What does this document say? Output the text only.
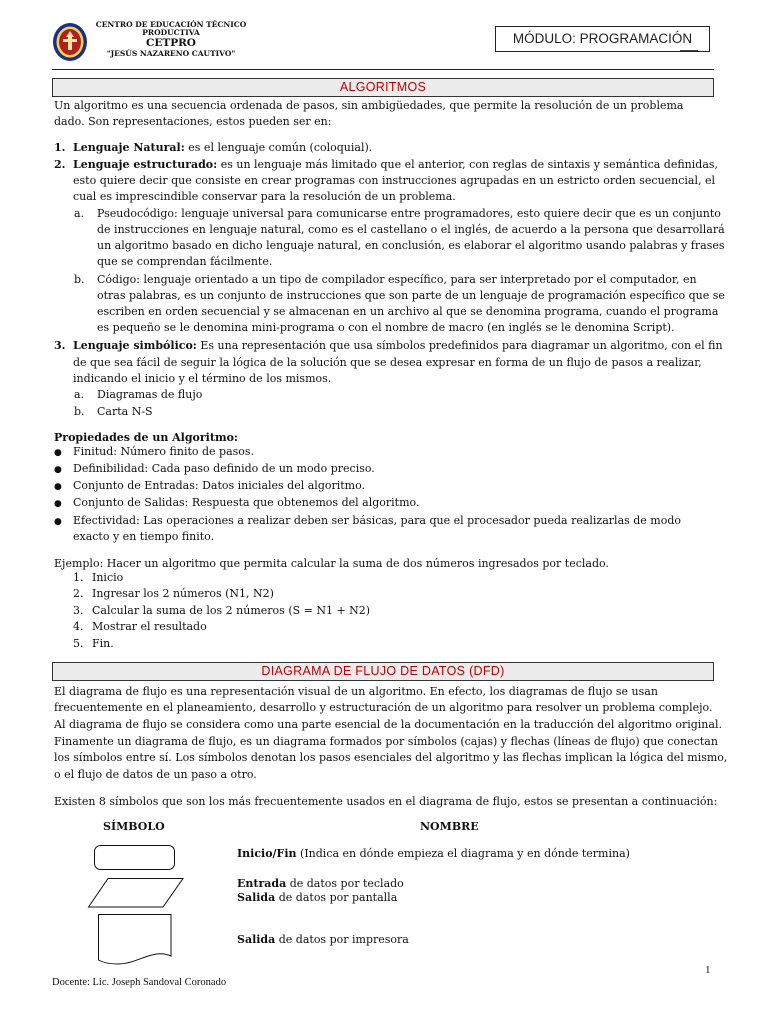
CENTRO DE EDUCACIÓN TÉCNICO
PRODUCTIVA
CETPRO
"JESÚS NAZARENO CAUTIVO"
MÓDULO: PROGRAMACIÓN
ALGORITMOS
Un algoritmo es una secuencia ordenada de pasos, sin ambigüedades, que permite la resolución de un problema
dado. Son representaciones, estos pueden ser en:
1. Lenguaje Natural: es el lenguaje común (coloquial).
2. Lenguaje estructurado: es un lenguaje más limitado que el anterior, con reglas de sintaxis y semántica definidas,
esto quiere decir que consiste en crear programas con instrucciones agrupadas en un estricto orden secuencial, el
cual es imprescindible conservar para la resolución de un problema.
a. Pseudocódigo: lenguaje universal para comunicarse entre programadores, esto quiere decir que es un conjunto
de instrucciones en lenguaje natural, como es el castellano o el inglés, de acuerdo a la persona que desarrollará
un algoritmo basado en dicho lenguaje natural, en conclusión, es elaborar el algoritmo usando palabras y frases
que se comprendan fácilmente.
b. Código: lenguaje orientado a un tipo de compilador específico, para ser interpretado por el computador, en
otras palabras, es un conjunto de instrucciones que son parte de un lenguaje de programación específico que se
escriben en orden secuencial y se almacenan en un archivo al que se denomina programa, cuando el programa
es pequeño se le denomina mini-programa o con el nombre de macro (en inglés se le denomina Script).
3. Lenguaje simbólico: Es una representación que usa símbolos predefinidos para diagramar un algoritmo, con el fin
de que sea fácil de seguir la lógica de la solución que se desea expresar en forma de un flujo de pasos a realizar,
indicando el inicio y el término de los mismos.
a. Diagramas de flujo
b. Carta N-S
Propiedades de un Algoritmo:
● Finitud: Número finito de pasos.
● Definibilidad: Cada paso definido de un modo preciso.
● Conjunto de Entradas: Datos iniciales del algoritmo.
● Conjunto de Salidas: Respuesta que obtenemos del algoritmo.
● Efectividad: Las operaciones a realizar deben ser básicas, para que el procesador pueda realizarlas de modo
exacto y en tiempo finito.
Ejemplo: Hacer un algoritmo que permita calcular la suma de dos números ingresados por teclado.
1. Inicio
2. Ingresar los 2 números (N1, N2)
3. Calcular la suma de los 2 números (S = N1 + N2)
4. Mostrar el resultado
5. Fin.
DIAGRAMA DE FLUJO DE DATOS (DFD)
El diagrama de flujo es una representación visual de un algoritmo. En efecto, los diagramas de flujo se usan
frecuentemente en el planeamiento, desarrollo y estructuración de un algoritmo para resolver un problema complejo.
Al diagrama de flujo se considera como una parte esencial de la documentación en la traducción del algoritmo original.
Finamente un diagrama de flujo, es un diagrama formados por símbolos (cajas) y flechas (líneas de flujo) que conectan
los símbolos entre sí. Los símbolos denotan los pasos esenciales del algoritmo y las flechas implican la lógica del mismo,
o el flujo de datos de un paso a otro.
Existen 8 símbolos que son los más frecuentemente usados en el diagrama de flujo, estos se presentan a continuación:
SÍMBOLO	NOMBRE
Inicio/Fin (Indica en dónde empieza el diagrama y en dónde termina)
Entrada de datos por teclado
Salida de datos por pantalla
Salida de datos por impresora
1
Docente: Lic. Joseph Sandoval Coronado
